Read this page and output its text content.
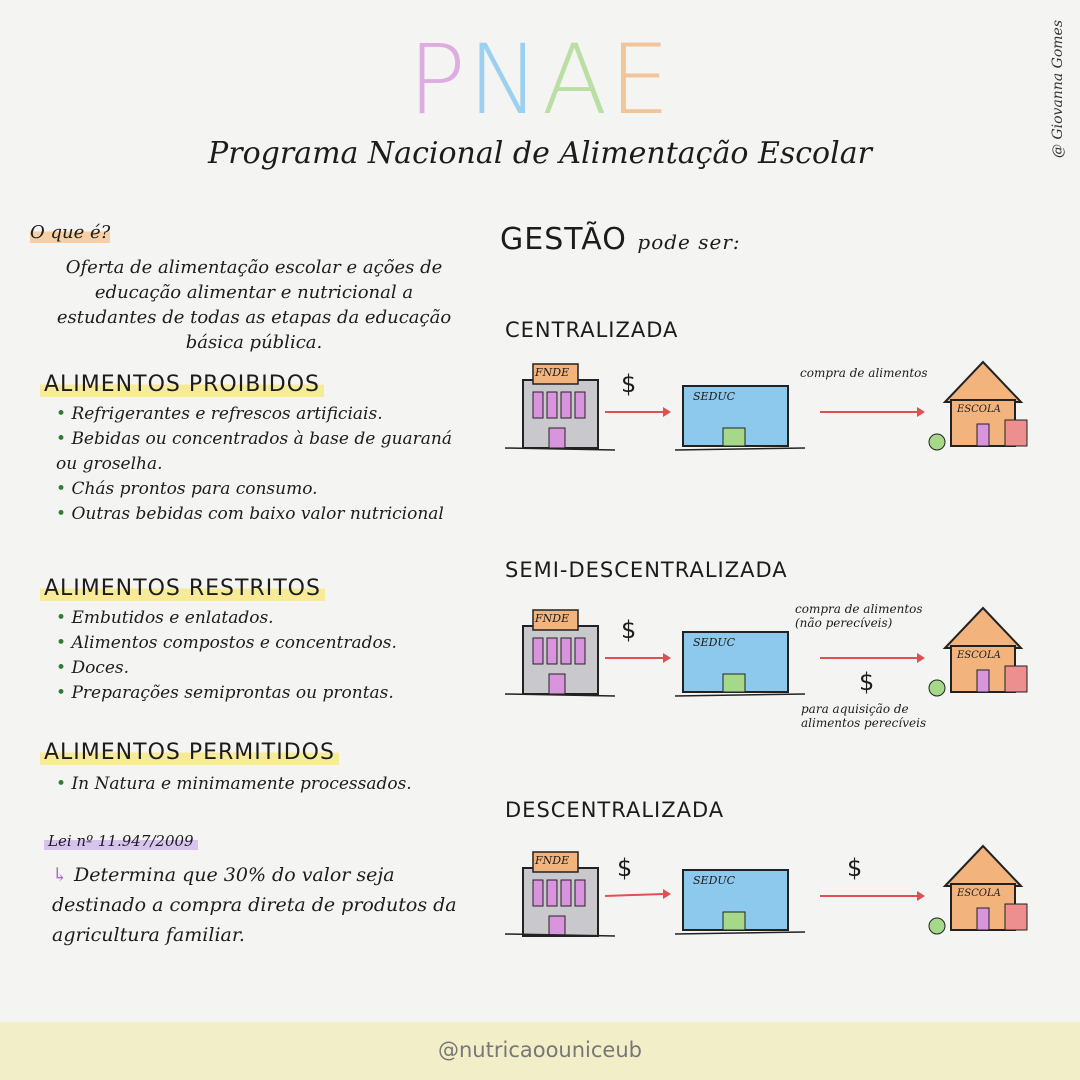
PNAE
Programa Nacional de Alimentação Escolar	@ Giovanna Gomes
O que é?
Oferta de alimentação escolar e ações de educação alimentar e nutricional a estudantes de todas as etapas da educação básica pública.
ALIMENTOS PROIBIDOS
• Refrigerantes e refrescos artificiais.
• Bebidas ou concentrados à base de guaraná ou groselha.
• Chás prontos para consumo.
• Outras bebidas com baixo valor nutricional
ALIMENTOS RESTRITOS
• Embutidos e enlatados.
• Alimentos compostos e concentrados.
• Doces.
• Preparações semiprontas ou prontas.
ALIMENTOS PERMITIDOS
• In Natura e minimamente processados.
Lei nº 11.947/2009
↳ Determina que 30% do valor seja destinado a compra direta de produtos da agricultura familiar.
GESTÃO pode ser:
CENTRALIZADA
$	SEDUC
FNDE
ESCOLA
compra de alimentos
SEMI-DESCENTRALIZADA
$
$
SEDUC
FNDE
ESCOLA
compra de alimentos (não perecíveis)
para aquisição de alimentos perecíveis
DESCENTRALIZADA
$	$
SEDUC
FNDE
ESCOLA
@nutricaoouniceub
